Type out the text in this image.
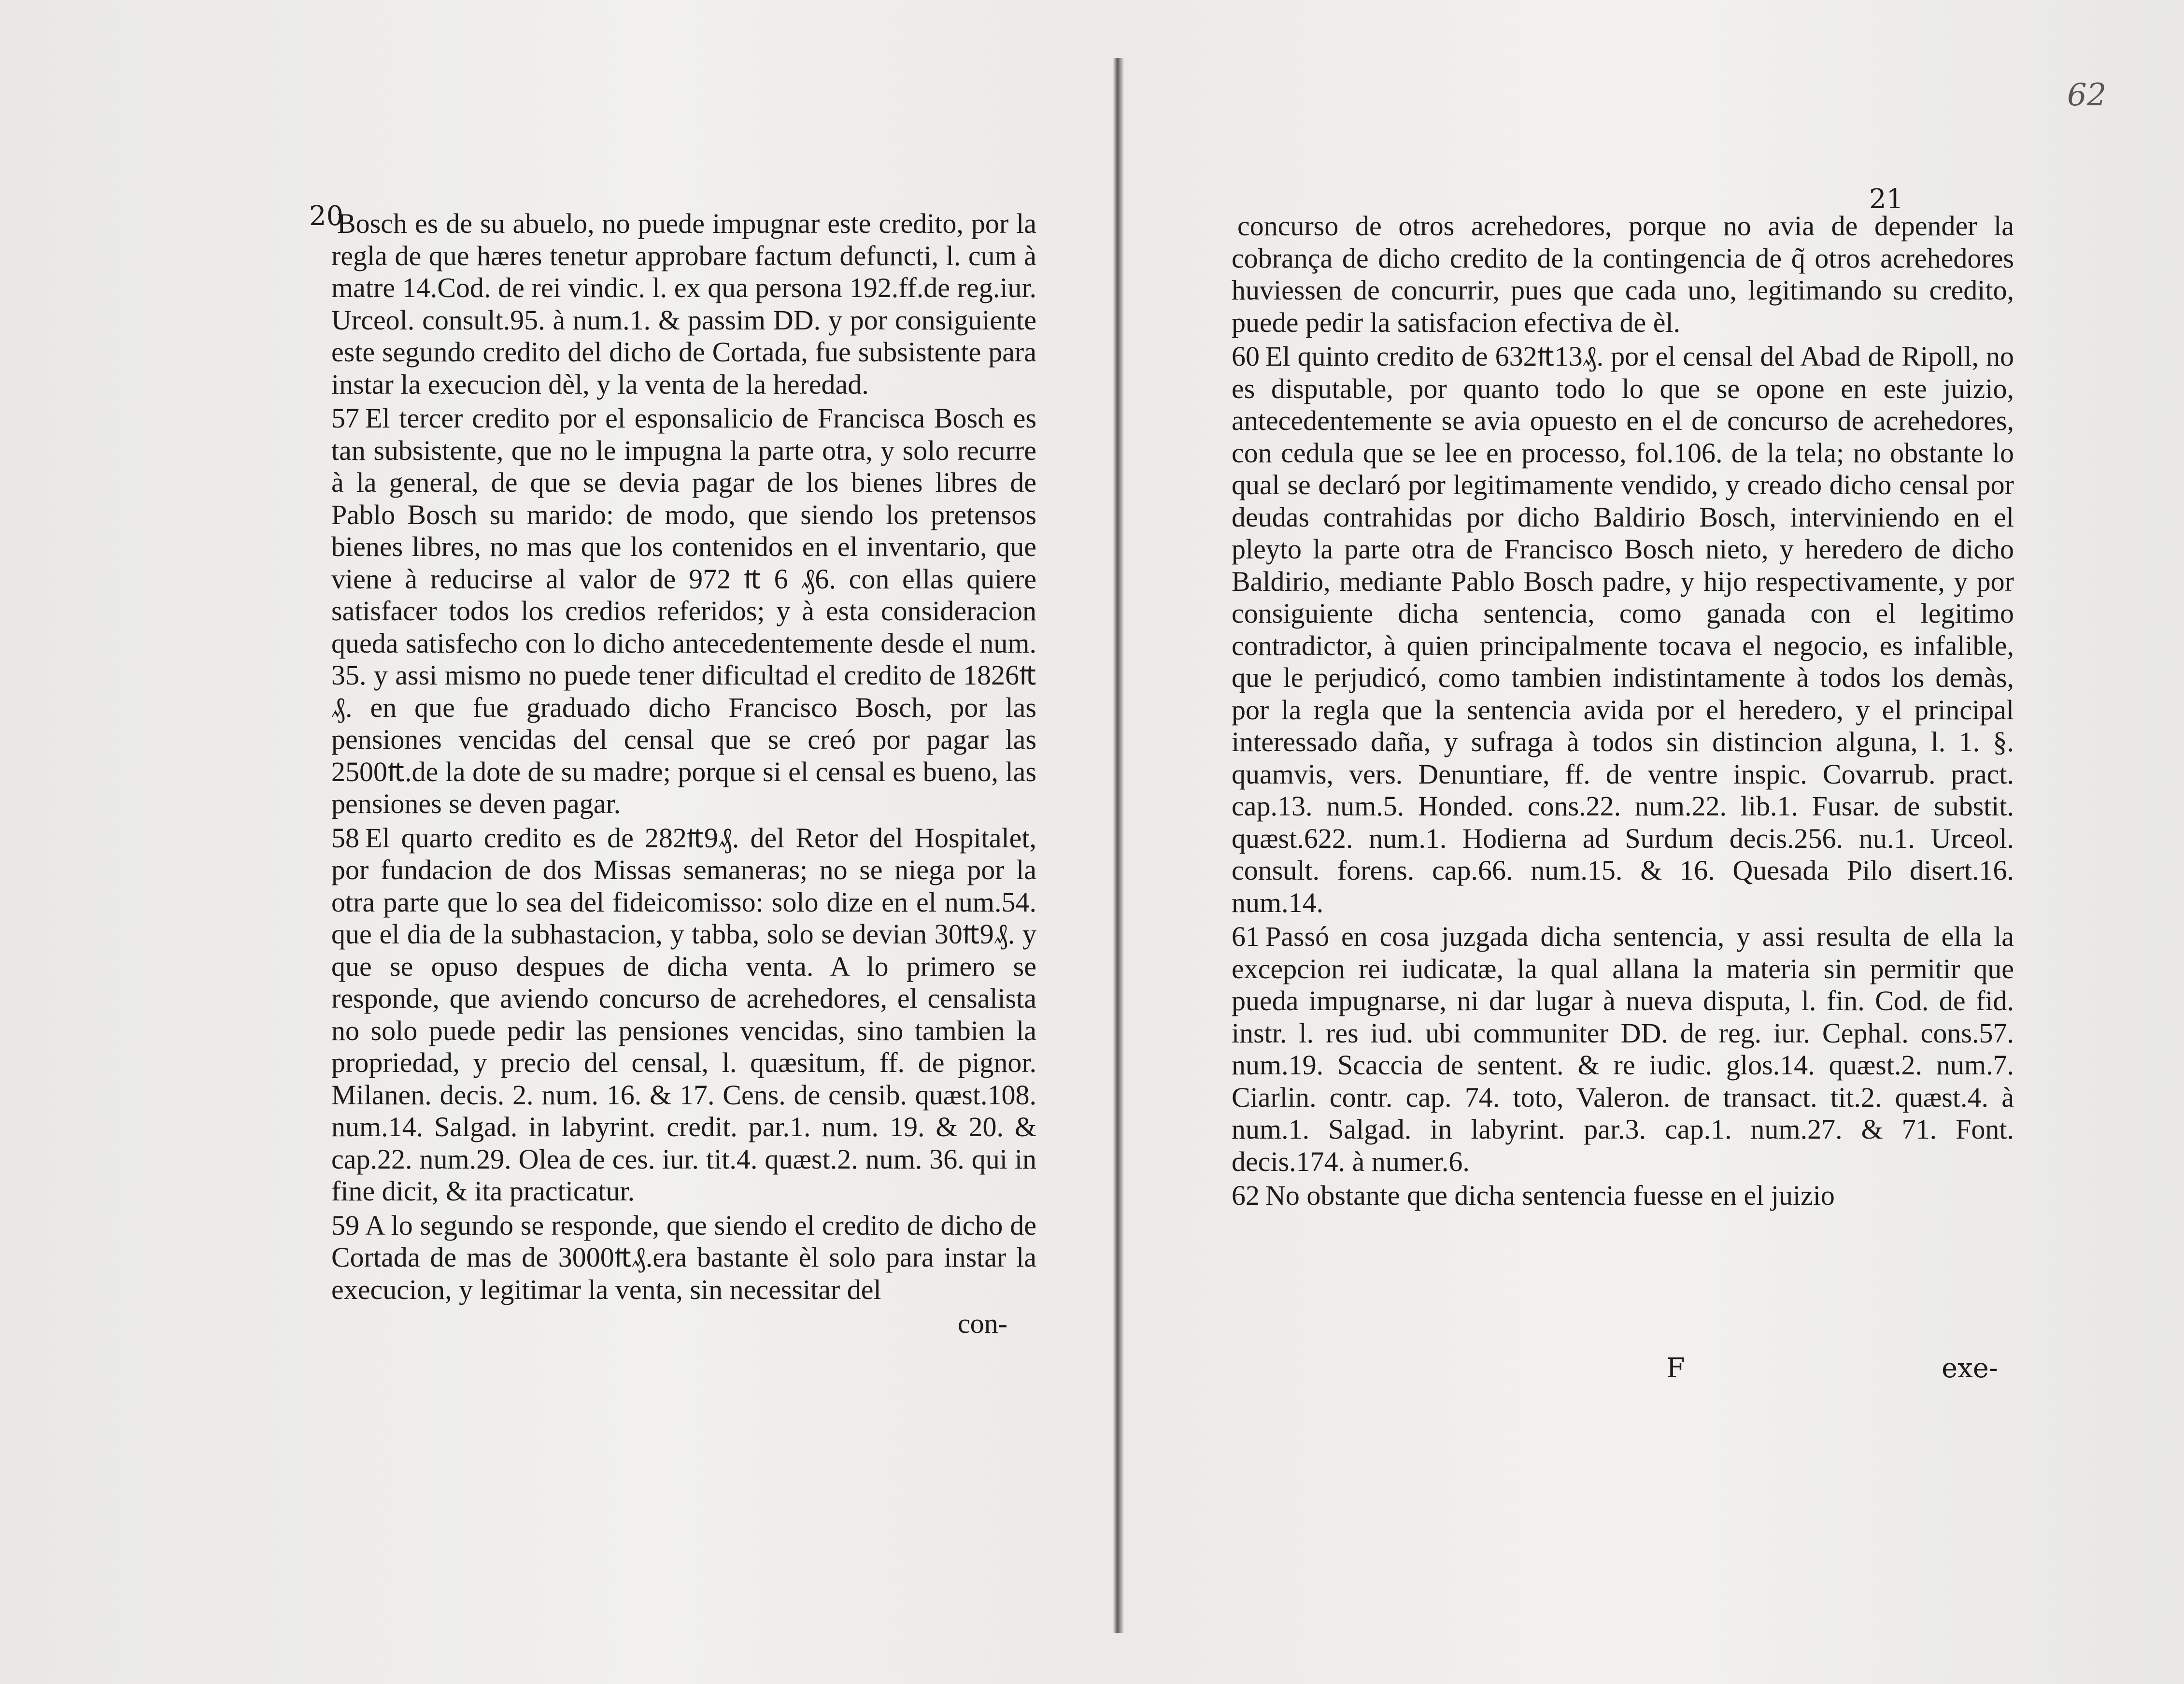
62
20

Bosch es de su abuelo, no puede impugnar este credito, por la regla de que hæres tenetur approbare factum defuncti, l. cum à matre 14.Cod. de rei vindic. l. ex qua persona 192.ff.de reg.iur. Urceol. consult.95. à num.1. & passim DD. y por consiguiente este segundo credito del dicho de Cortada, fue subsistente para instar la execucion dèl, y la venta de la heredad.

57 El tercer credito por el esponsalicio de Francisca Bosch es tan subsistente, que no le impugna la parte otra, y solo recurre à la general, de que se devia pagar de los bienes libres de Pablo Bosch su marido: de modo, que siendo los pretensos bienes libres, no mas que los contenidos en el inventario, que viene à reducirse al valor de 972 ₶ 6 ₰6. con ellas quiere satisfacer todos los credios referidos; y à esta consideracion queda satisfecho con lo dicho antecedentemente desde el num. 35. y assi mismo no puede tener dificultad el credito de 1826₶₰. en que fue graduado dicho Francisco Bosch, por las pensiones vencidas del censal que se creó por pagar las 2500₶.de la dote de su madre; porque si el censal es bueno, las pensiones se deven pagar.

58 El quarto credito es de 282₶9₰. del Retor del Hospitalet, por fundacion de dos Missas semaneras; no se niega por la otra parte que lo sea del fideicomisso: solo dize en el num.54. que el dia de la subhastacion, y tabba, solo se devian 30₶9₰. y que se opuso despues de dicha venta. A lo primero se responde, que aviendo concurso de acrehedores, el censalista no solo puede pedir las pensiones vencidas, sino tambien la propriedad, y precio del censal, l. quæsitum, ff. de pignor. Milanen. decis. 2. num. 16. & 17. Cens. de censib. quæst.108. num.14. Salgad. in labyrint. credit. par.1. num. 19. & 20. & cap.22. num.29. Olea de ces. iur. tit.4. quæst.2. num. 36. qui in fine dicit, & ita practicatur.

59 A lo segundo se responde, que siendo el credito de dicho de Cortada de mas de 3000₶₰.era bastante èl solo para instar la execucion, y legitimar la venta, sin necessitar del

con-

21

concurso de otros acrehedores, porque no avia de depender la cobrança de dicho credito de la contingencia de q̃ otros acrehedores huviessen de concurrir, pues que cada uno, legitimando su credito, puede pedir la satisfacion efectiva de èl.

60 El quinto credito de 632₶13₰. por el censal del Abad de Ripoll, no es disputable, por quanto todo lo que se opone en este juizio, antecedentemente se avia opuesto en el de concurso de acrehedores, con cedula que se lee en processo, fol.106. de la tela; no obstante lo qual se declaró por legitimamente vendido, y creado dicho censal por deudas contrahidas por dicho Baldirio Bosch, interviniendo en el pleyto la parte otra de Francisco Bosch nieto, y heredero de dicho Baldirio, mediante Pablo Bosch padre, y hijo respectivamente, y por consiguiente dicha sentencia, como ganada con el legitimo contradictor, à quien principalmente tocava el negocio, es infalible, que le perjudicó, como tambien indistintamente à todos los demàs, por la regla que la sentencia avida por el heredero, y el principal interessado daña, y sufraga à todos sin distincion alguna, l. 1. §. quamvis, vers. Denuntiare, ff. de ventre inspic. Covarrub. pract. cap.13. num.5. Honded. cons.22. num.22. lib.1. Fusar. de substit. quæst.622. num.1. Hodierna ad Surdum decis.256. nu.1. Urceol. consult. forens. cap.66. num.15. & 16. Quesada Pilo disert.16. num.14.

61 Passó en cosa juzgada dicha sentencia, y assi resulta de ella la excepcion rei iudicatæ, la qual allana la materia sin permitir que pueda impugnarse, ni dar lugar à nueva disputa, l. fin. Cod. de fid. instr. l. res iud. ubi communiter DD. de reg. iur. Cephal. cons.57. num.19. Scaccia de sentent. & re iudic. glos.14. quæst.2. num.7. Ciarlin. contr. cap. 74. toto, Valeron. de transact. tit.2. quæst.4. à num.1. Salgad. in labyrint. par.3. cap.1. num.27. & 71. Font. decis.174. à numer.6.

62 No obstante que dicha sentencia fuesse en el juizio

F	exe-
